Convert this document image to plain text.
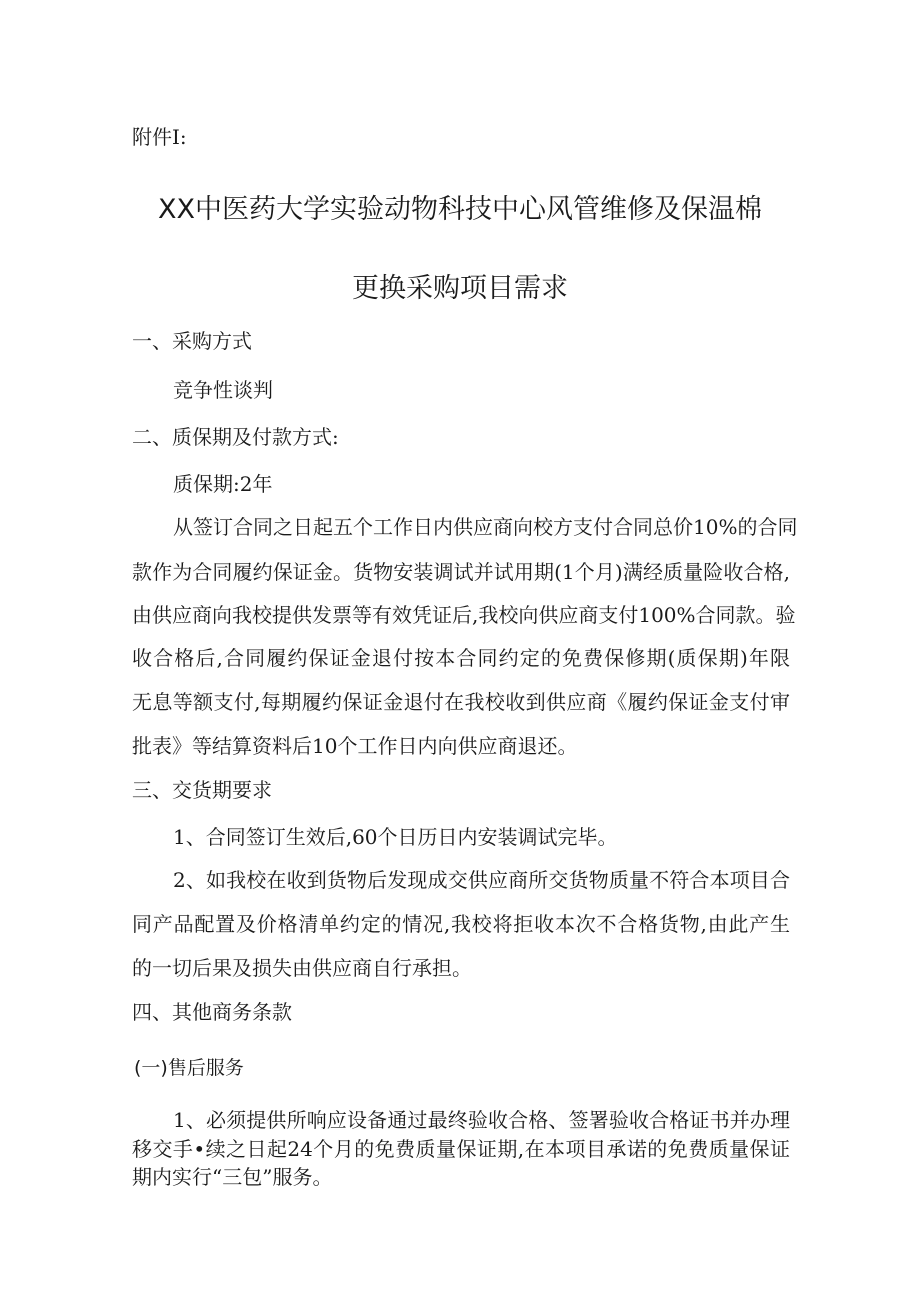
附件Ⅰ:
XX中医药大学实验动物科技中心风管维修及保温棉
更换采购项目需求
一、采购方式
竞争性谈判
二、质保期及付款方式:
质保期:2年
从签订合同之日起五个工作日内供应商向校方支付合同总价10%的合同
款作为合同履约保证金。货物安装调试并试用期(1个月)满经质量险收合格,
由供应商向我校提供发票等有效凭证后,我校向供应商支付100%合同款。验
收合格后,合同履约保证金退付按本合同约定的免费保修期(质保期)年限
无息等额支付,每期履约保证金退付在我校收到供应商《履约保证金支付审
批表》等结算资料后10个工作日内向供应商退还。
三、交货期要求
1、合同签订生效后,60个日历日内安装调试完毕。
2、如我校在收到货物后发现成交供应商所交货物质量不符合本项目合
同产品配置及价格清单约定的情况,我校将拒收本次不合格货物,由此产生
的一切后果及损失由供应商自行承担。
四、其他商务条款
(一)售后服务
1、必须提供所响应设备通过最终验收合格、签署验收合格证书并办理
移交手•续之日起24个月的免费质量保证期,在本项目承诺的免费质量保证
期内实行“三包”服务。
